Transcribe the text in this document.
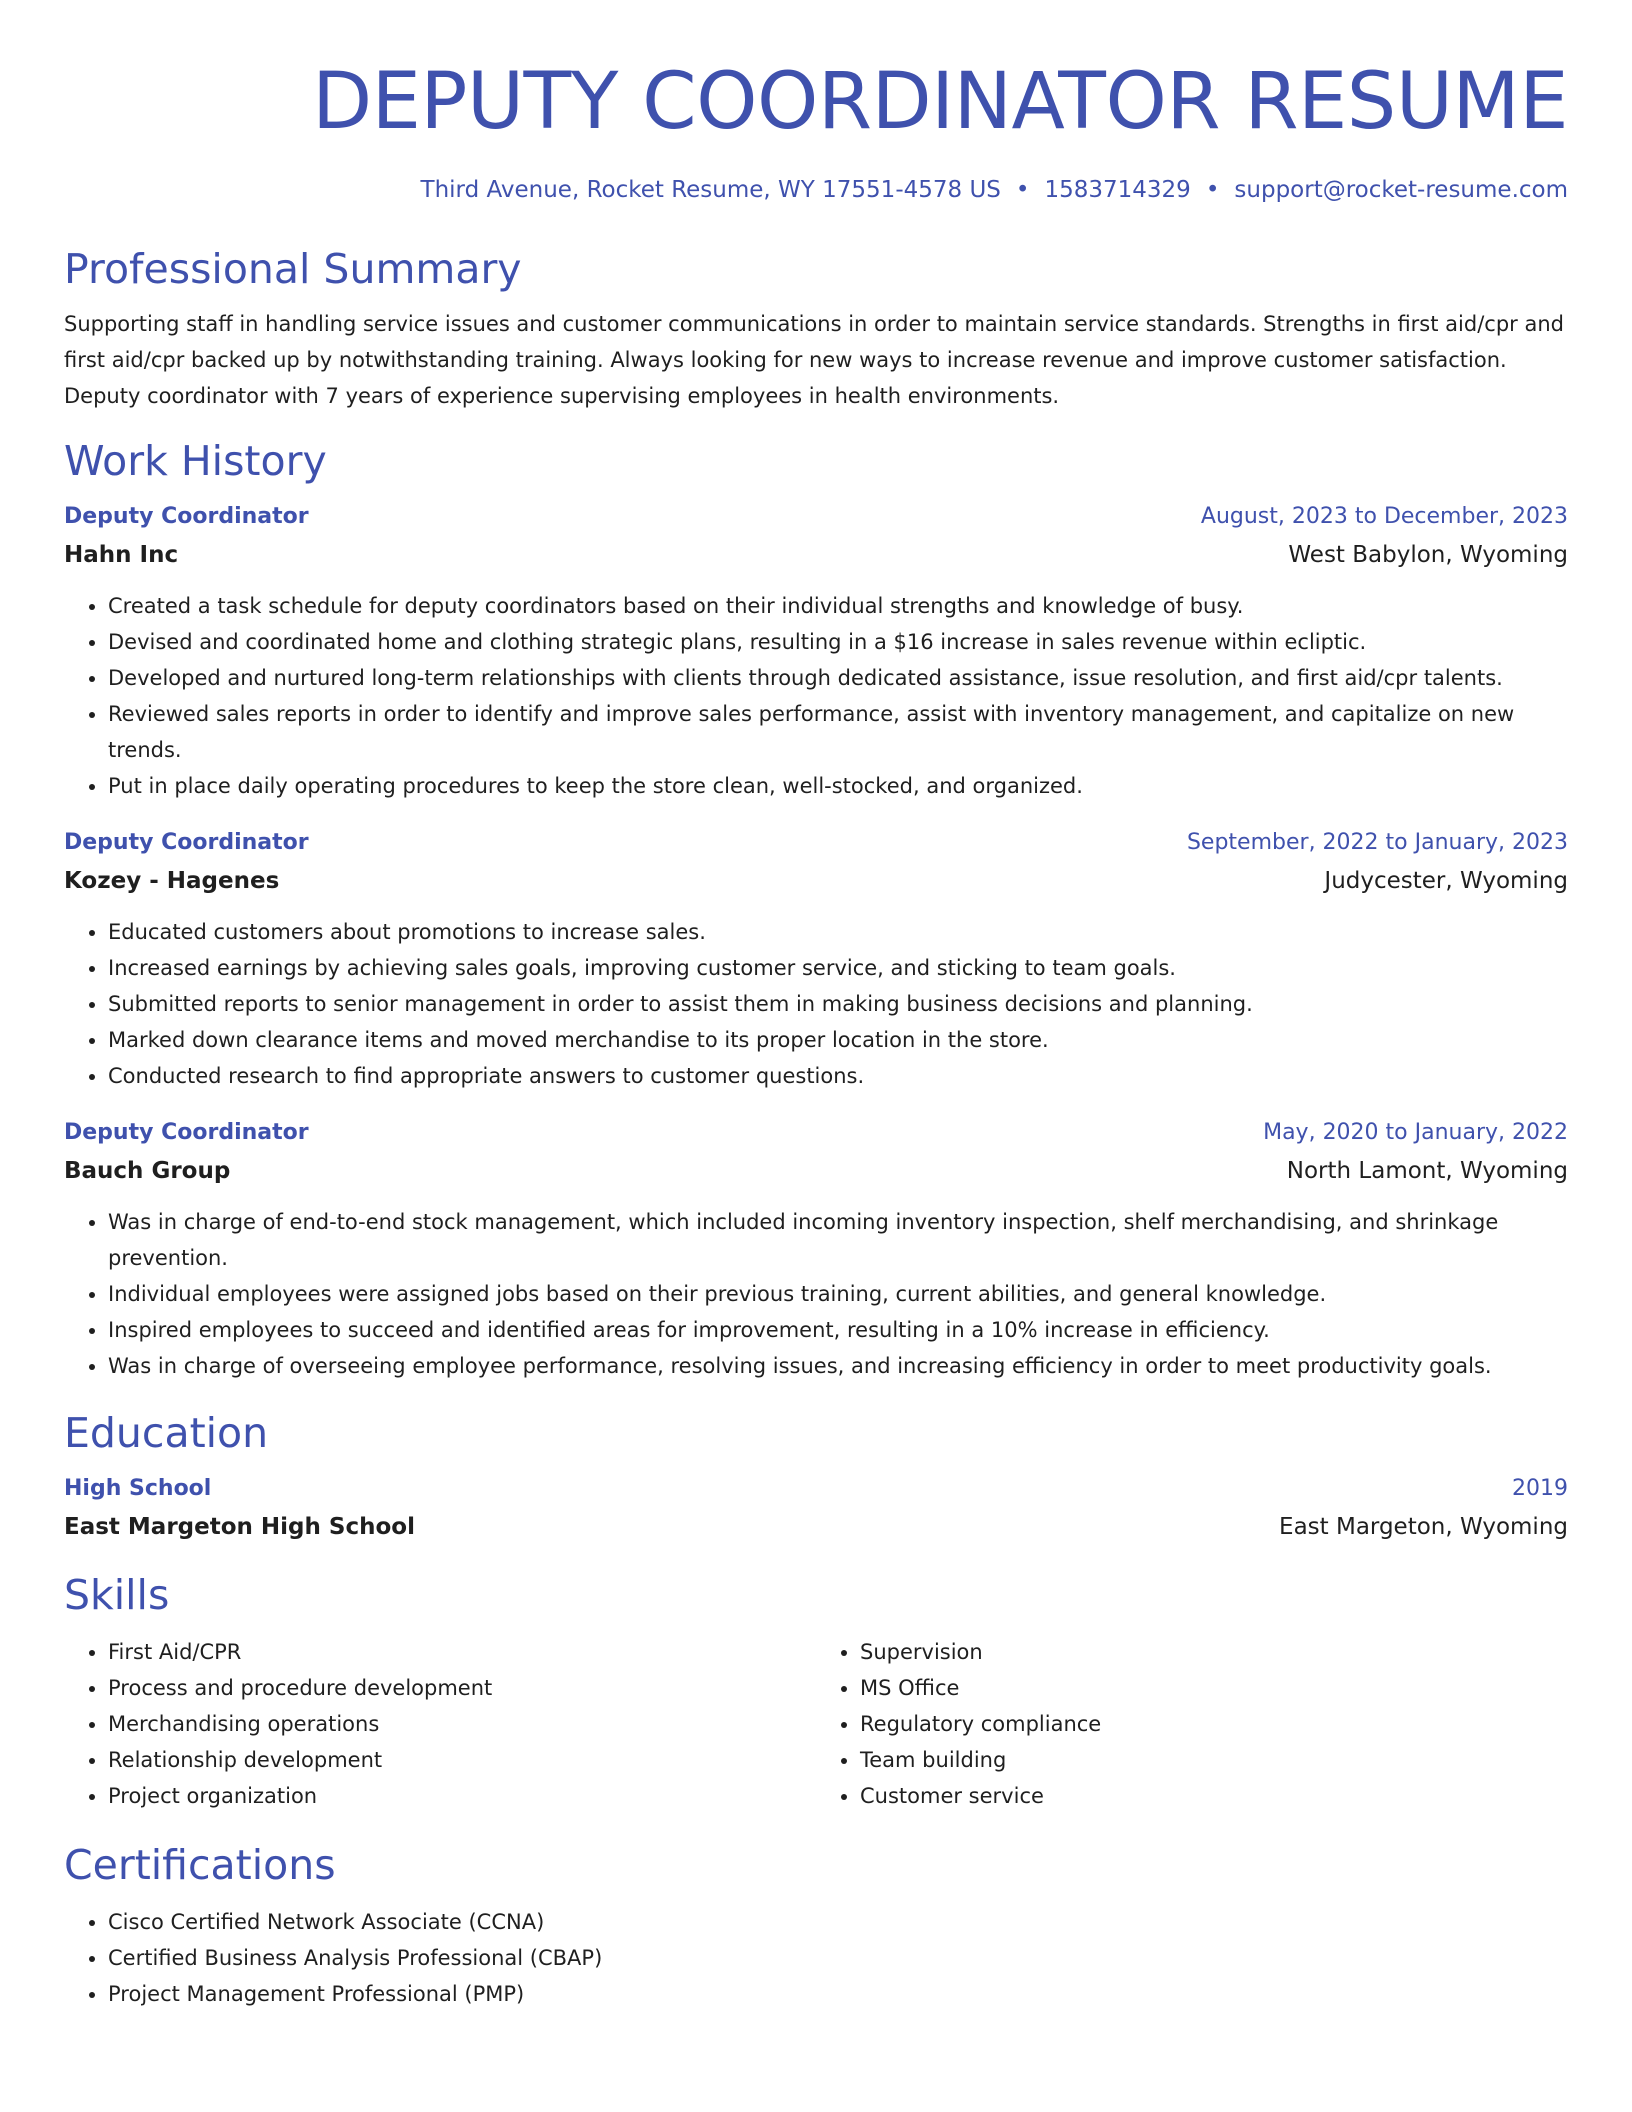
DEPUTY COORDINATOR RESUME
Third Avenue, Rocket Resume, WY 17551-4578 US • 1583714329 • support@rocket-resume.com
Professional Summary

Supporting staff in handling service issues and customer communications in order to maintain service standards. Strengths in first aid/cpr and first aid/cpr backed up by notwithstanding training. Always looking for new ways to increase revenue and improve customer satisfaction. Deputy coordinator with 7 years of experience supervising employees in health environments.

Work History
Deputy Coordinator	August, 2023 to December, 2023
Hahn Inc	West Babylon, Wyoming
• Created a task schedule for deputy coordinators based on their individual strengths and knowledge of busy.
• Devised and coordinated home and clothing strategic plans, resulting in a $16 increase in sales revenue within ecliptic.
• Developed and nurtured long-term relationships with clients through dedicated assistance, issue resolution, and first aid/cpr talents.
• Reviewed sales reports in order to identify and improve sales performance, assist with inventory management, and capitalize on new trends.
• Put in place daily operating procedures to keep the store clean, well-stocked, and organized.
Deputy Coordinator	September, 2022 to January, 2023
Kozey - Hagenes	Judycester, Wyoming
• Educated customers about promotions to increase sales.
• Increased earnings by achieving sales goals, improving customer service, and sticking to team goals.
• Submitted reports to senior management in order to assist them in making business decisions and planning.
• Marked down clearance items and moved merchandise to its proper location in the store.
• Conducted research to find appropriate answers to customer questions.
Deputy Coordinator	May, 2020 to January, 2022
Bauch Group	North Lamont, Wyoming
• Was in charge of end-to-end stock management, which included incoming inventory inspection, shelf merchandising, and shrinkage prevention.
• Individual employees were assigned jobs based on their previous training, current abilities, and general knowledge.
• Inspired employees to succeed and identified areas for improvement, resulting in a 10% increase in efficiency.
• Was in charge of overseeing employee performance, resolving issues, and increasing efficiency in order to meet productivity goals.
Education
High School	2019
East Margeton High School	East Margeton, Wyoming
Skills
• First Aid/CPR
• Process and procedure development
• Merchandising operations
• Relationship development
• Project organization
• Supervision
• MS Office
• Regulatory compliance
• Team building
• Customer service
Certifications
• Cisco Certified Network Associate (CCNA)
• Certified Business Analysis Professional (CBAP)
• Project Management Professional (PMP)
